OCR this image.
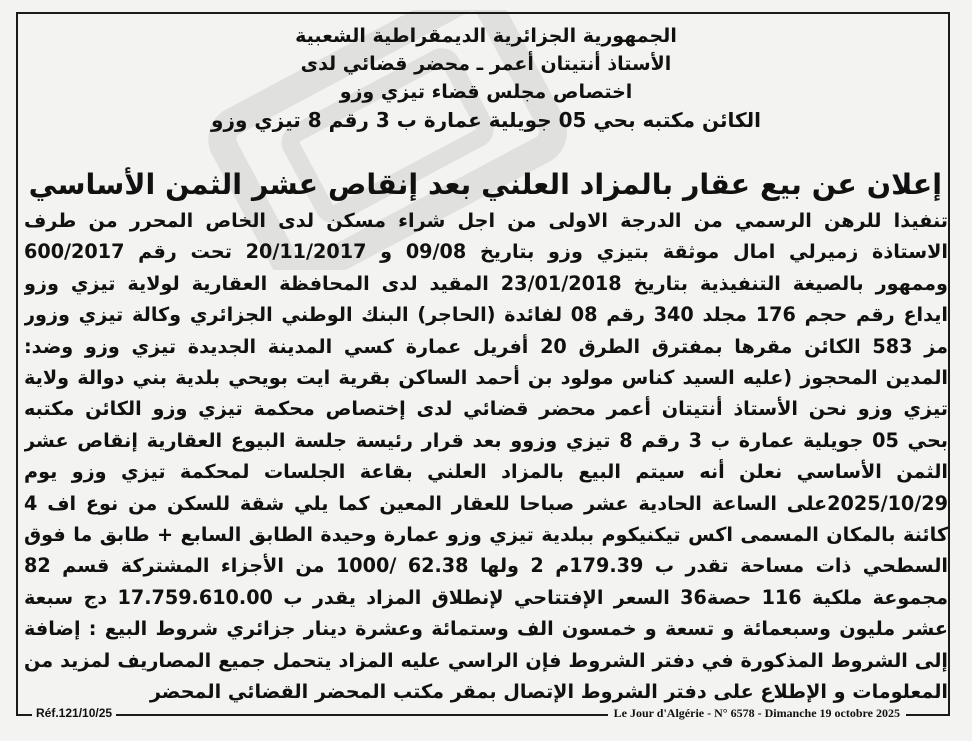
الجمهورية الجزائرية الديمقراطية الشعبية
الأستاذ أنتيتان أعمر ـ محضر قضائي لدى
اختصاص مجلس قضاء تيزي وزو
الكائن مكتبه بحي 05 جويلية عمارة ب 3 رقم 8 تيزي وزو
إعلان عن بيع عقار بالمزاد العلني بعد إنقاص عشر الثمن الأساسي
تنفيذا للرهن الرسمي من الدرجة الاولى من اجل شراء مسكن لدى الخاص المحرر من طرف
الاستاذة زميرلي امال موثقة بتيزي وزو بتاريخ 09/08 و 20/11/2017 تحت رقم 600/2017
وممهور بالصيغة التنفيذية بتاريخ 23/01/2018 المقيد لدى المحافظة العقارية لولاية تيزي وزو
ايداع رقم حجم 176 مجلد 340 رقم 08 لفائدة (الحاجر) البنك الوطني الجزائري وكالة تيزي وزور
مز 583 الكائن مقرها بمفترق الطرق 20 أفريل عمارة كسي المدينة الجديدة تيزي وزو وضد:
المدين المحجوز (عليه السيد كناس مولود بن أحمد الساكن بقرية ايت بويحي بلدية بني دوالة ولاية
تيزي وزو نحن الأستاذ أنتيتان أعمر محضر قضائي لدى إختصاص محكمة تيزي وزو الكائن مكتبه
بحي 05 جويلية عمارة ب 3 رقم 8 تيزي وزوو بعد قرار رئيسة جلسة البيوع العقارية إنقاص عشر
الثمن الأساسي نعلن أنه سيتم البيع بالمزاد العلني بقاعة الجلسات لمحكمة تيزي وزو يوم
2025/10/29على الساعة الحادية عشر صباحا للعقار المعين كما يلي شقة للسكن من نوع اف 4
كائنة بالمكان المسمى اكس تيكنيكوم ببلدية تيزي وزو عمارة وحيدة الطابق السابع + طابق ما فوق
السطحي ذات مساحة تقدر ب 179.39م 2 ولها 62.38 /1000 من الأجزاء المشتركة قسم 82
مجموعة ملكية 116 حصة36 السعر الإفتتاحي لإنطلاق المزاد يقدر ب 17.759.610.00 دج سبعة
عشر مليون وسبعمائة و تسعة و خمسون الف وستمائة وعشرة دينار جزائري شروط البيع : إضافة
إلى الشروط المذكورة في دفتر الشروط فإن الراسي عليه المزاد يتحمل جميع المصاريف لمزيد من
المعلومات و الإطلاع على دفتر الشروط الإتصال بمقر مكتب المحضر القضائي المحضر
Réf.121/10/25	Le Jour d'Algérie - N° 6578 - Dimanche 19 octobre 2025
